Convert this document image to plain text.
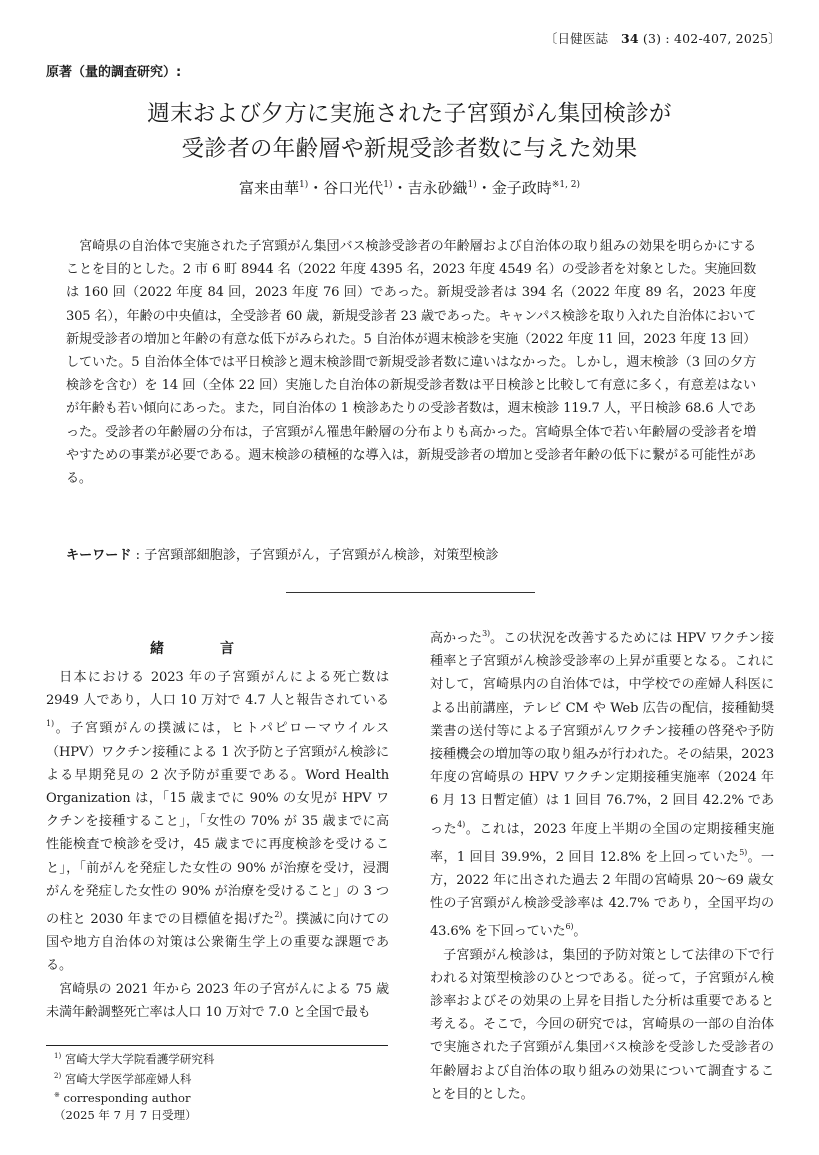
〔日健医誌　34 (3) : 402-407, 2025〕
原著（量的調査研究）:
週末および夕方に実施された子宮頸がん集団検診が
受診者の年齢層や新規受診者数に与えた効果
富来由華$^{1)}$・谷口光代$^{1)}$・吉永砂織$^{1)}$・金子政時$^{※1, 2)}$
宮崎県の自治体で実施された子宮頸がん集団バス検診受診者の年齢層および自治体の取り組みの効果を明らかにすることを目的とした。2 市 6 町 8944 名（2022 年度 4395 名，2023 年度 4549 名）の受診者を対象とした。実施回数は 160 回（2022 年度 84 回，2023 年度 76 回）であった。新規受診者は 394 名（2022 年度 89 名，2023 年度 305 名），年齢の中央値は，全受診者 60 歳，新規受診者 23 歳であった。キャンパス検診を取り入れた自治体において新規受診者の増加と年齢の有意な低下がみられた。5 自治体が週末検診を実施（2022 年度 11 回，2023 年度 13 回）していた。5 自治体全体では平日検診と週末検診間で新規受診者数に違いはなかった。しかし，週末検診（3 回の夕方検診を含む）を 14 回（全体 22 回）実施した自治体の新規受診者数は平日検診と比較して有意に多く，有意差はないが年齢も若い傾向にあった。また，同自治体の 1 検診あたりの受診者数は，週末検診 119.7 人，平日検診 68.6 人であった。受診者の年齢層の分布は，子宮頸がん罹患年齢層の分布よりも高かった。宮崎県全体で若い年齢層の受診者を増やすための事業が必要である。週末検診の積極的な導入は，新規受診者の増加と受診者年齢の低下に繋がる可能性がある。
キーワード : 子宮頸部細胞診，子宮頸がん，子宮頸がん検診，対策型検診
緒	言

日本における 2023 年の子宮頸がんによる死亡数は 2949 人であり，人口 10 万対で 4.7 人と報告されている$^{1)}$。子宮頸がんの撲滅には，ヒトパピローマウイルス（HPV）ワクチン接種による 1 次予防と子宮頸がん検診による早期発見の 2 次予防が重要である。Word Health Organization は，「15 歳までに 90% の女児が HPV ワクチンを接種すること」，「女性の 70% が 35 歳までに高性能検査で検診を受け，45 歳までに再度検診を受けること」，「前がんを発症した女性の 90% が治療を受け，浸潤がんを発症した女性の 90% が治療を受けること」の 3 つの柱と 2030 年までの目標値を掲げた$^{2)}$。撲滅に向けての国や地方自治体の対策は公衆衛生学上の重要な課題である。

宮崎県の 2021 年から 2023 年の子宮がんによる 75 歳未満年齢調整死亡率は人口 10 万対で 7.0 と全国で最も

高かった$^{3)}$。この状況を改善するためには HPV ワクチン接種率と子宮頸がん検診受診率の上昇が重要となる。これに対して，宮崎県内の自治体では，中学校での産婦人科医による出前講座，テレビ CM や Web 広告の配信，接種勧奨業書の送付等による子宮頸がんワクチン接種の啓発や予防接種機会の増加等の取り組みが行われた。その結果，2023 年度の宮崎県の HPV ワクチン定期接種実施率（2024 年 6 月 13 日暫定値）は 1 回目 76.7%，2 回目 42.2% であった$^{4)}$。これは，2023 年度上半期の全国の定期接種実施率，1 回目 39.9%，2 回目 12.8% を上回っていた$^{5)}$。一方，2022 年に出された過去 2 年間の宮崎県 20～69 歳女性の子宮頸がん検診受診率は 42.7% であり，全国平均の 43.6% を下回っていた$^{6)}$。

子宮頸がん検診は，集団的予防対策として法律の下で行われる対策型検診のひとつである。従って，子宮頸がん検診率およびその効果の上昇を目指した分析は重要であると考える。そこで，今回の研究では，宮崎県の一部の自治体で実施された子宮頸がん集団バス検診を受診した受診者の年齢層および自治体の取り組みの効果について調査することを目的とした。

$^{1)}$ 宮崎大学大学院看護学研究科
$^{2)}$ 宮崎大学医学部産婦人科
※ corresponding author
（2025 年 7 月 7 日受理）
